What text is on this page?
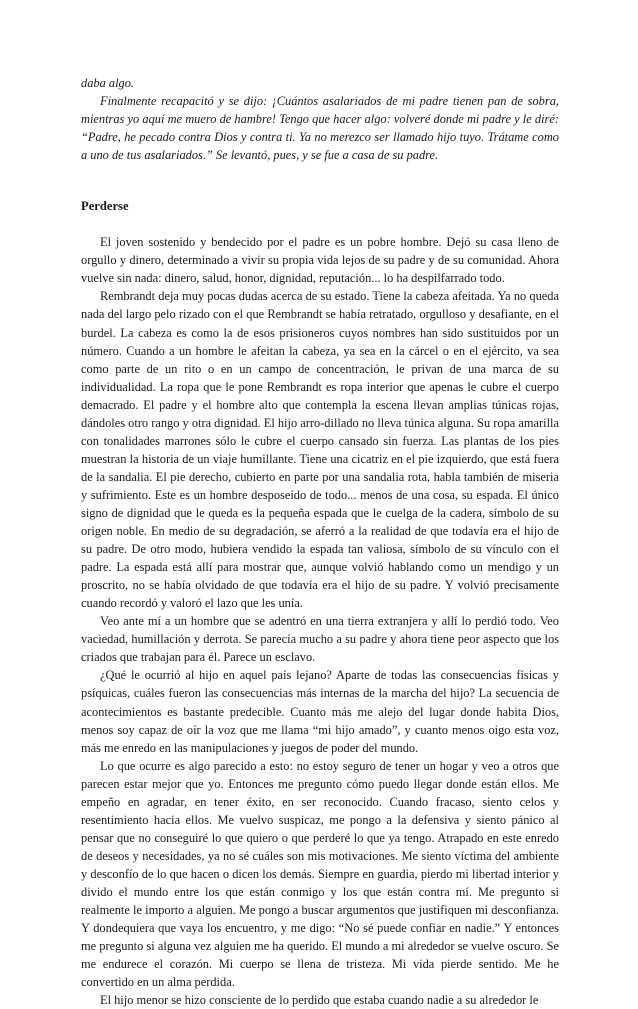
daba algo.

Finalmente recapacitó y se dijo: ¡Cuántos asalariados de mi padre tienen pan de sobra, mientras yo aquí me muero de hambre! Tengo que hacer algo: volveré donde mi padre y le diré: “Padre, he pecado contra Dios y contra ti. Ya no merezco ser llamado hijo tuyo. Trátame como a uno de tus asalariados.” Se levantó, pues, y se fue a casa de su padre.

Perderse

El joven sostenido y bendecido por el padre es un pobre hombre. Dejó su casa lleno de orgullo y dinero, determinado a vivir su propia vida lejos de su padre y de su comunidad. Ahora vuelve sin nada: dinero, salud, honor, dignidad, reputación... lo ha despilfarrado todo.

Rembrandt deja muy pocas dudas acerca de su estado. Tiene la cabeza afeitada. Ya no queda nada del largo pelo rizado con el que Rembrandt se había retratado, orgulloso y desafiante, en el burdel. La cabeza es como la de esos prisioneros cuyos nombres han sido sustituidos por un número. Cuando a un hombre le afeitan la cabeza, ya sea en la cárcel o en el ejército, va sea como parte de un rito o en un campo de concentración, le privan de una marca de su individualidad. La ropa que le pone Rembrandt es ropa interior que apenas le cubre el cuerpo demacrado. El padre y el hombre alto que contempla la escena llevan amplias túnicas rojas, dándoles otro rango y otra dignidad. El hijo arro-dillado no lleva túnica alguna. Su ropa amarilla con tonalidades marrones sólo le cubre el cuerpo cansado sin fuerza. Las plantas de los pies muestran la historia de un viaje humillante. Tiene una cicatriz en el pie izquierdo, que está fuera de la sandalia. El pie derecho, cubierto en parte por una sandalia rota, habla también de miseria y sufrimiento. Este es un hombre desposeído de todo... menos de una cosa, su espada. El único signo de dignidad que le queda es la pequeña espada que le cuelga de la cadera, símbolo de su origen noble. En medio de su degradación, se aferró a la realidad de que todavía era el hijo de su padre. De otro modo, hubiera vendido la espada tan valiosa, símbolo de su vínculo con el padre. La espada está allí para mostrar que, aunque volvió hablando como un mendigo y un proscrito, no se había olvidado de que todavía era el hijo de su padre. Y volvió precisamente cuando recordó y valoró el lazo que les unía.

Veo ante mí a un hombre que se adentró en una tierra extranjera y allí lo perdió todo. Veo vaciedad, humillación y derrota. Se parecía mucho a su padre y ahora tiene peor aspecto que los criados que trabajan para él. Parece un esclavo.

¿Qué le ocurrió al hijo en aquel país lejano? Aparte de todas las consecuencias físicas y psíquicas, cuáles fueron las consecuencias más internas de la marcha del hijo? La secuencia de acontecimientos es bastante predecible. Cuanto más me alejo del lugar donde habita Dios, menos soy capaz de oír la voz que me llama “mi hijo amado”, y cuanto menos oigo esta voz, más me enredo en las manipulaciones y juegos de poder del mundo.

Lo que ocurre es algo parecido a esto: no estoy seguro de tener un hogar y veo a otros que parecen estar mejor que yo. Entonces me pregunto cómo puedo llegar donde están ellos. Me empeño en agradar, en tener éxito, en ser reconocido. Cuando fracaso, siento celos y resentimiento hacia ellos. Me vuelvo suspicaz, me pongo a la defensiva y siento pánico al pensar que no conseguiré lo que quiero o que perderé lo que ya tengo. Atrapado en este enredo de deseos y necesidades, ya no sé cuáles son mis motivaciones. Me siento víctima del ambiente y desconfío de lo que hacen o dicen los demás. Siempre en guardia, pierdo mi libertad interior y divido el mundo entre los que están conmigo y los que están contra mí. Me pregunto si realmente le importo a alguien. Me pongo a buscar argumentos que justifiquen mi desconfianza. Y dondequiera que vaya los encuentro, y me digo: “No sé puede confiar en nadie.” Y entonces me pregunto si alguna vez alguien me ha querido. El mundo a mi alrededor se vuelve oscuro. Se me endurece el corazón. Mi cuerpo se llena de tristeza. Mi vida pierde sentido. Me he convertido en un alma perdida.

El hijo menor se hizo consciente de lo perdido que estaba cuando nadie a su alrededor le
